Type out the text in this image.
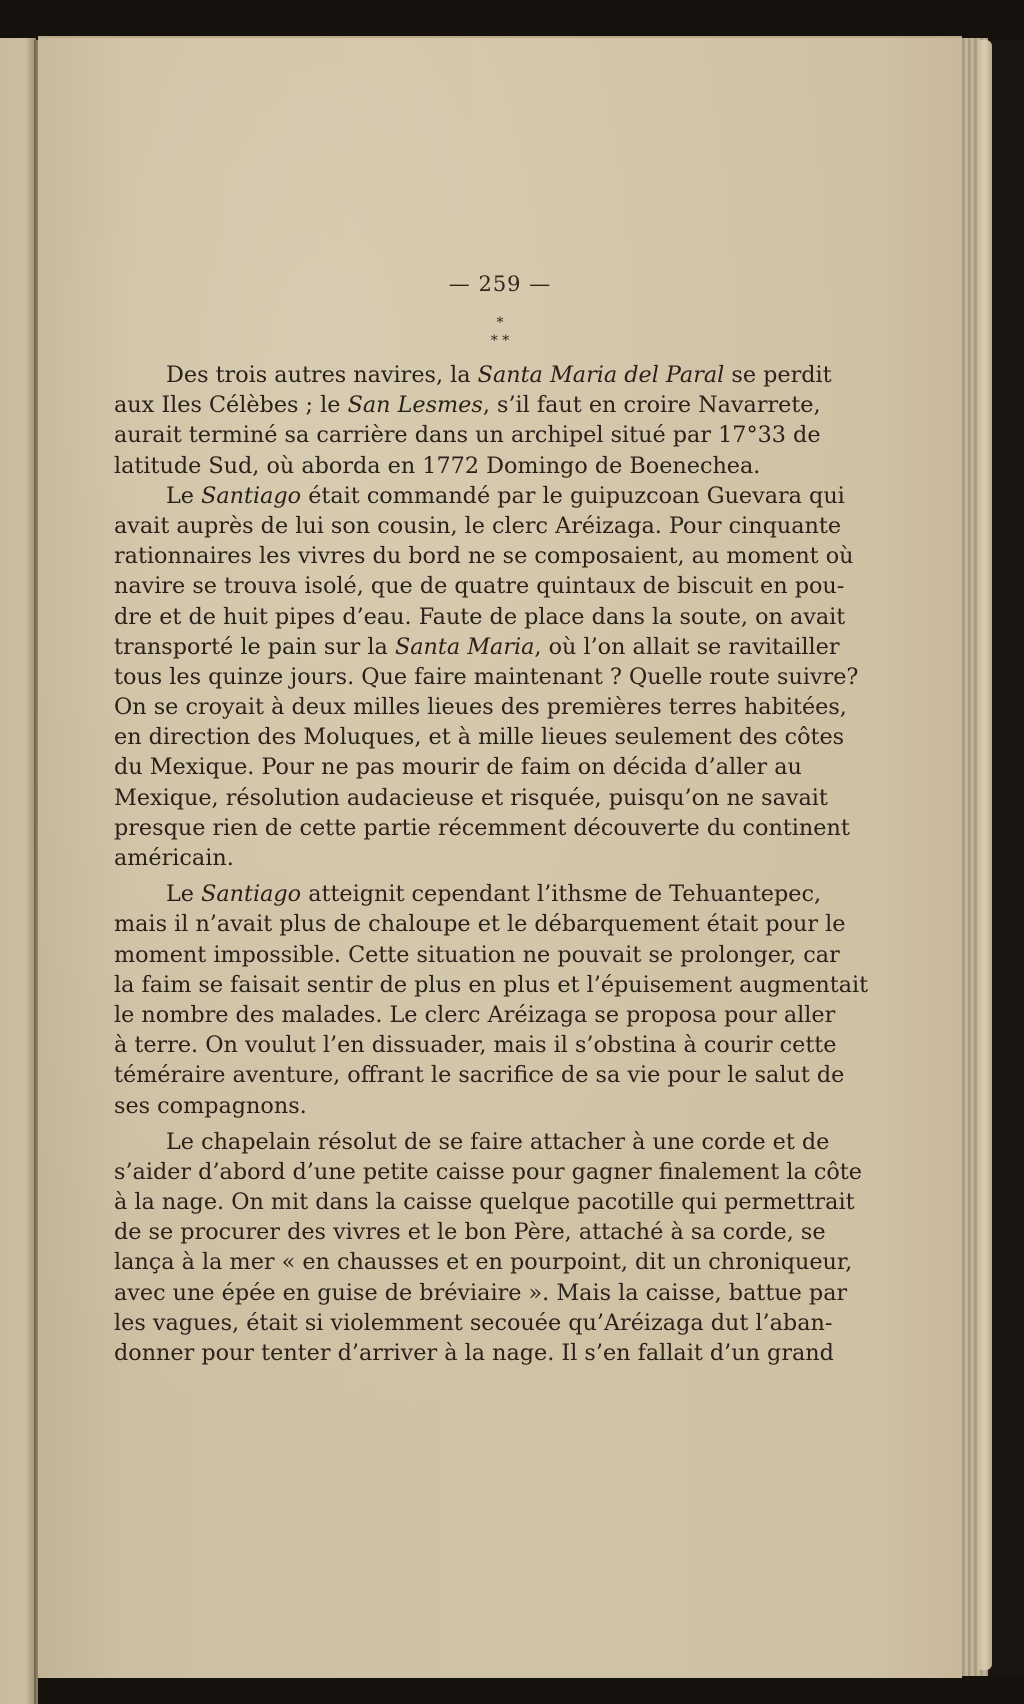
— 259 —
*
* *
Des trois autres navires, la Santa Maria del Paral se perdit
aux Iles Célèbes ; le San Lesmes, s’il faut en croire Navarrete,
aurait terminé sa carrière dans un archipel situé par 17°33 de
latitude Sud, où aborda en 1772 Domingo de Boenechea.
Le Santiago était commandé par le guipuzcoan Guevara qui
avait auprès de lui son cousin, le clerc Aréizaga. Pour cinquante
rationnaires les vivres du bord ne se composaient, au moment où
navire se trouva isolé, que de quatre quintaux de biscuit en pou-
dre et de huit pipes d’eau. Faute de place dans la soute, on avait
transporté le pain sur la Santa Maria, où l’on allait se ravitailler
tous les quinze jours. Que faire maintenant ? Quelle route suivre?
On se croyait à deux milles lieues des premières terres habitées,
en direction des Moluques, et à mille lieues seulement des côtes
du Mexique. Pour ne pas mourir de faim on décida d’aller au
Mexique, résolution audacieuse et risquée, puisqu’on ne savait
presque rien de cette partie récemment découverte du continent
américain.
Le Santiago atteignit cependant l’ithsme de Tehuantepec,
mais il n’avait plus de chaloupe et le débarquement était pour le
moment impossible. Cette situation ne pouvait se prolonger, car
la faim se faisait sentir de plus en plus et l’épuisement augmentait
le nombre des malades. Le clerc Aréizaga se proposa pour aller
à terre. On voulut l’en dissuader, mais il s’obstina à courir cette
téméraire aventure, offrant le sacrifice de sa vie pour le salut de
ses compagnons.
Le chapelain résolut de se faire attacher à une corde et de
s’aider d’abord d’une petite caisse pour gagner finalement la côte
à la nage. On mit dans la caisse quelque pacotille qui permettrait
de se procurer des vivres et le bon Père, attaché à sa corde, se
lança à la mer « en chausses et en pourpoint, dit un chroniqueur,
avec une épée en guise de bréviaire ». Mais la caisse, battue par
les vagues, était si violemment secouée qu’Aréizaga dut l’aban-
donner pour tenter d’arriver à la nage. Il s’en fallait d’un grand
